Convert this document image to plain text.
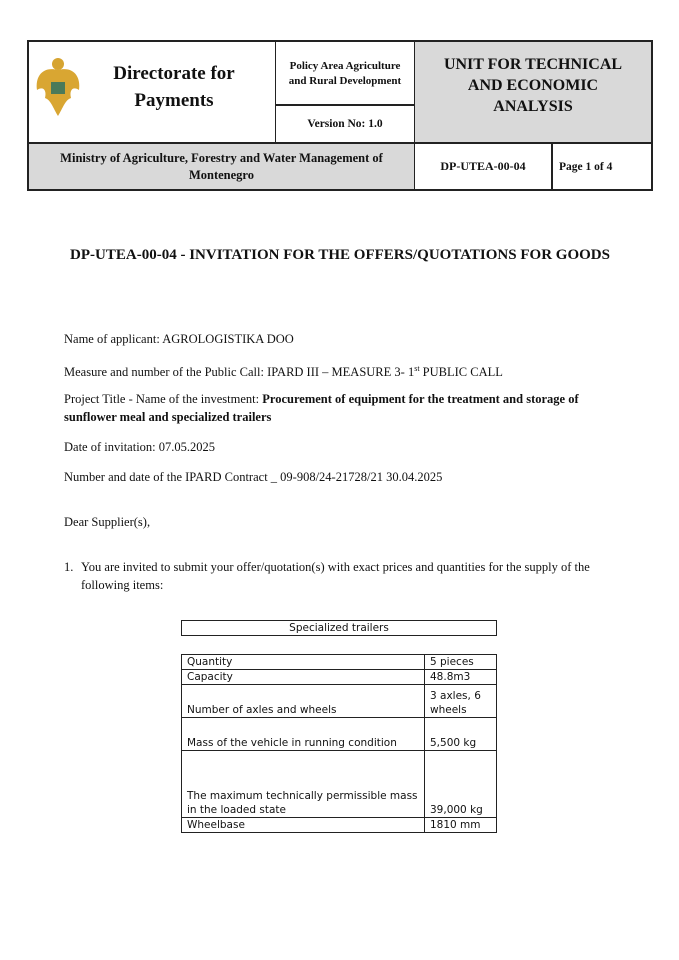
Directorate for Payments
Policy Area Agriculture and Rural Development
Version No: 1.0
UNIT FOR TECHNICAL AND ECONOMIC ANALYSIS
Ministry of Agriculture, Forestry and Water Management of Montenegro
DP-UTEA-00-04	Page 1 of 4
DP-UTEA-00-04 - INVITATION FOR THE OFFERS/QUOTATIONS FOR GOODS
Name of applicant: AGROLOGISTIKA DOO
Measure and number of the Public Call: IPARD III – MEASURE 3- 1st PUBLIC CALL
Project Title - Name of the investment: Procurement of equipment for the treatment and storage of sunflower meal and specialized trailers
Date of invitation: 07.05.2025
Number and date of the IPARD Contract _ 09-908/24-21728/21 30.04.2025
Dear Supplier(s),
1. You are invited to submit your offer/quotation(s) with exact prices and quantities for the supply of the following items:
Specialized trailers
Quantity	5 pieces
Capacity	48.8m3
Number of axles and wheels	3 axles, 6 wheels
Mass of the vehicle in running condition	5,500 kg
The maximum technically permissible mass in the loaded state	39,000 kg
Wheelbase	1810 mm
